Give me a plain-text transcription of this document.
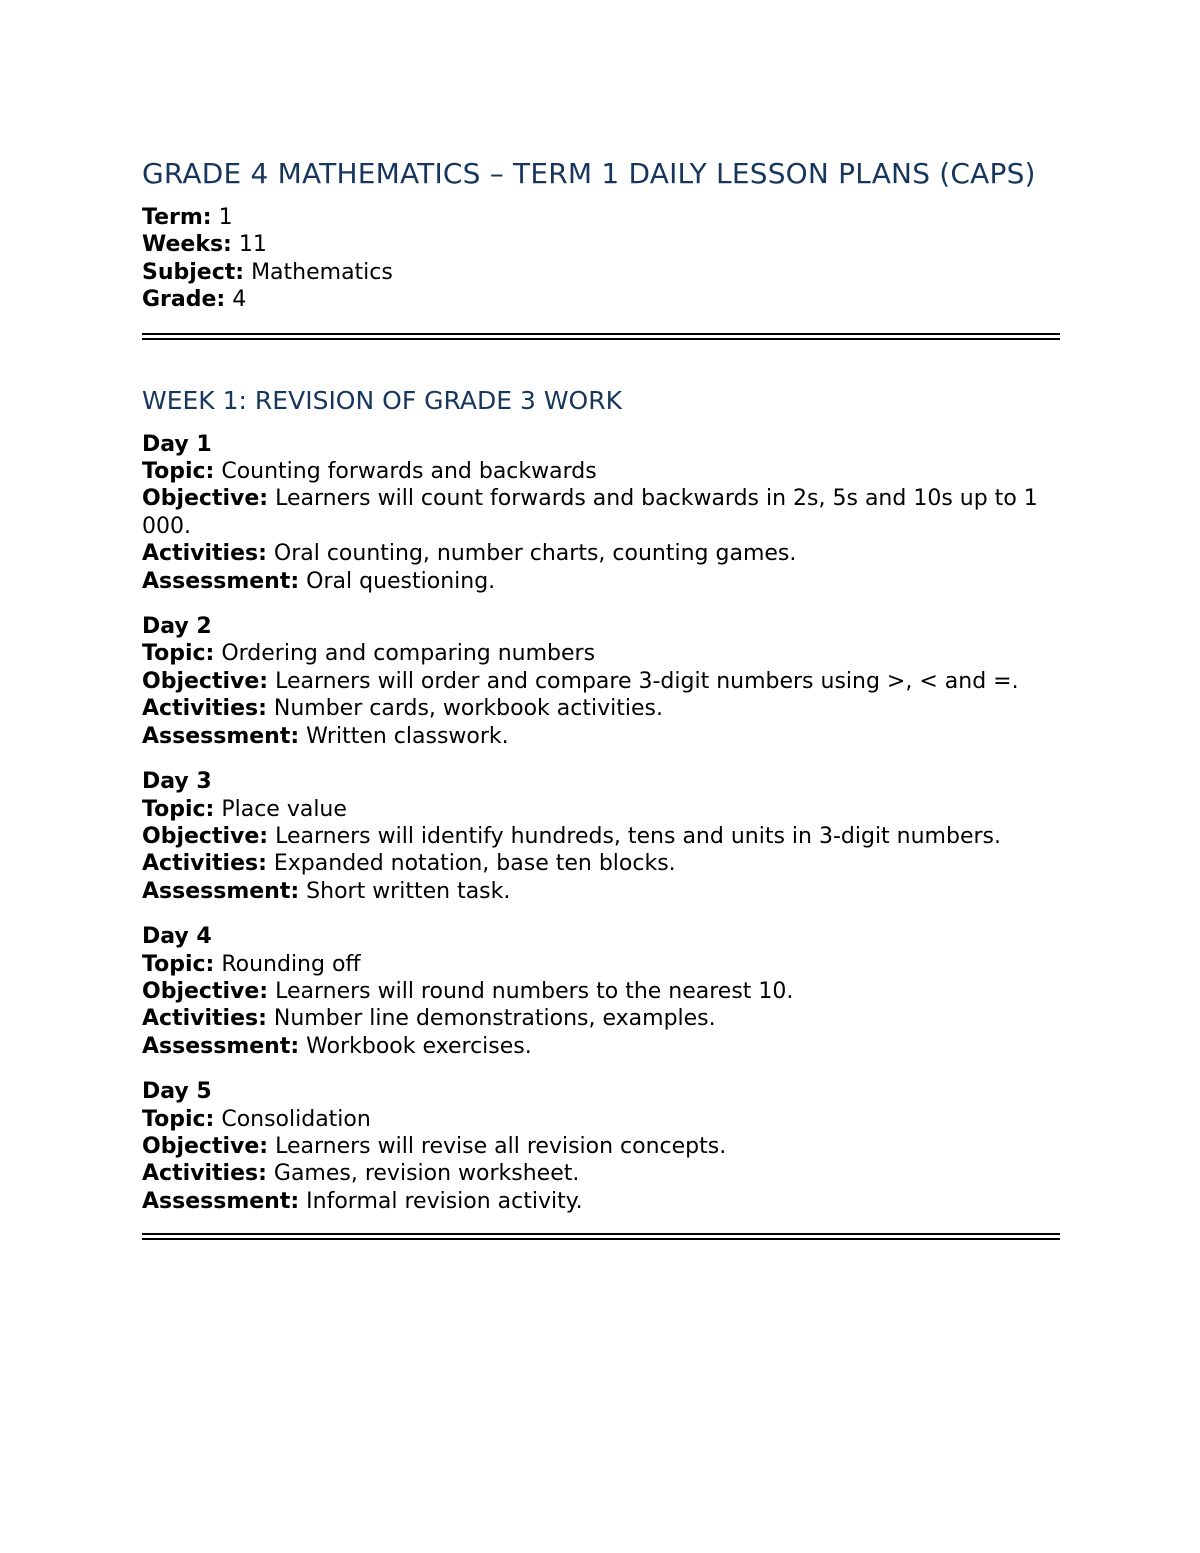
GRADE 4 MATHEMATICS – TERM 1 DAILY LESSON PLANS (CAPS)
Term: 1
Weeks: 11
Subject: Mathematics
Grade: 4
WEEK 1: REVISION OF GRADE 3 WORK
Day 1
Topic: Counting forwards and backwards
Objective: Learners will count forwards and backwards in 2s, 5s and 10s up to 1 000.
Activities: Oral counting, number charts, counting games.
Assessment: Oral questioning.
Day 2
Topic: Ordering and comparing numbers
Objective: Learners will order and compare 3-digit numbers using >, < and =.
Activities: Number cards, workbook activities.
Assessment: Written classwork.
Day 3
Topic: Place value
Objective: Learners will identify hundreds, tens and units in 3-digit numbers.
Activities: Expanded notation, base ten blocks.
Assessment: Short written task.
Day 4
Topic: Rounding off
Objective: Learners will round numbers to the nearest 10.
Activities: Number line demonstrations, examples.
Assessment: Workbook exercises.
Day 5
Topic: Consolidation
Objective: Learners will revise all revision concepts.
Activities: Games, revision worksheet.
Assessment: Informal revision activity.
